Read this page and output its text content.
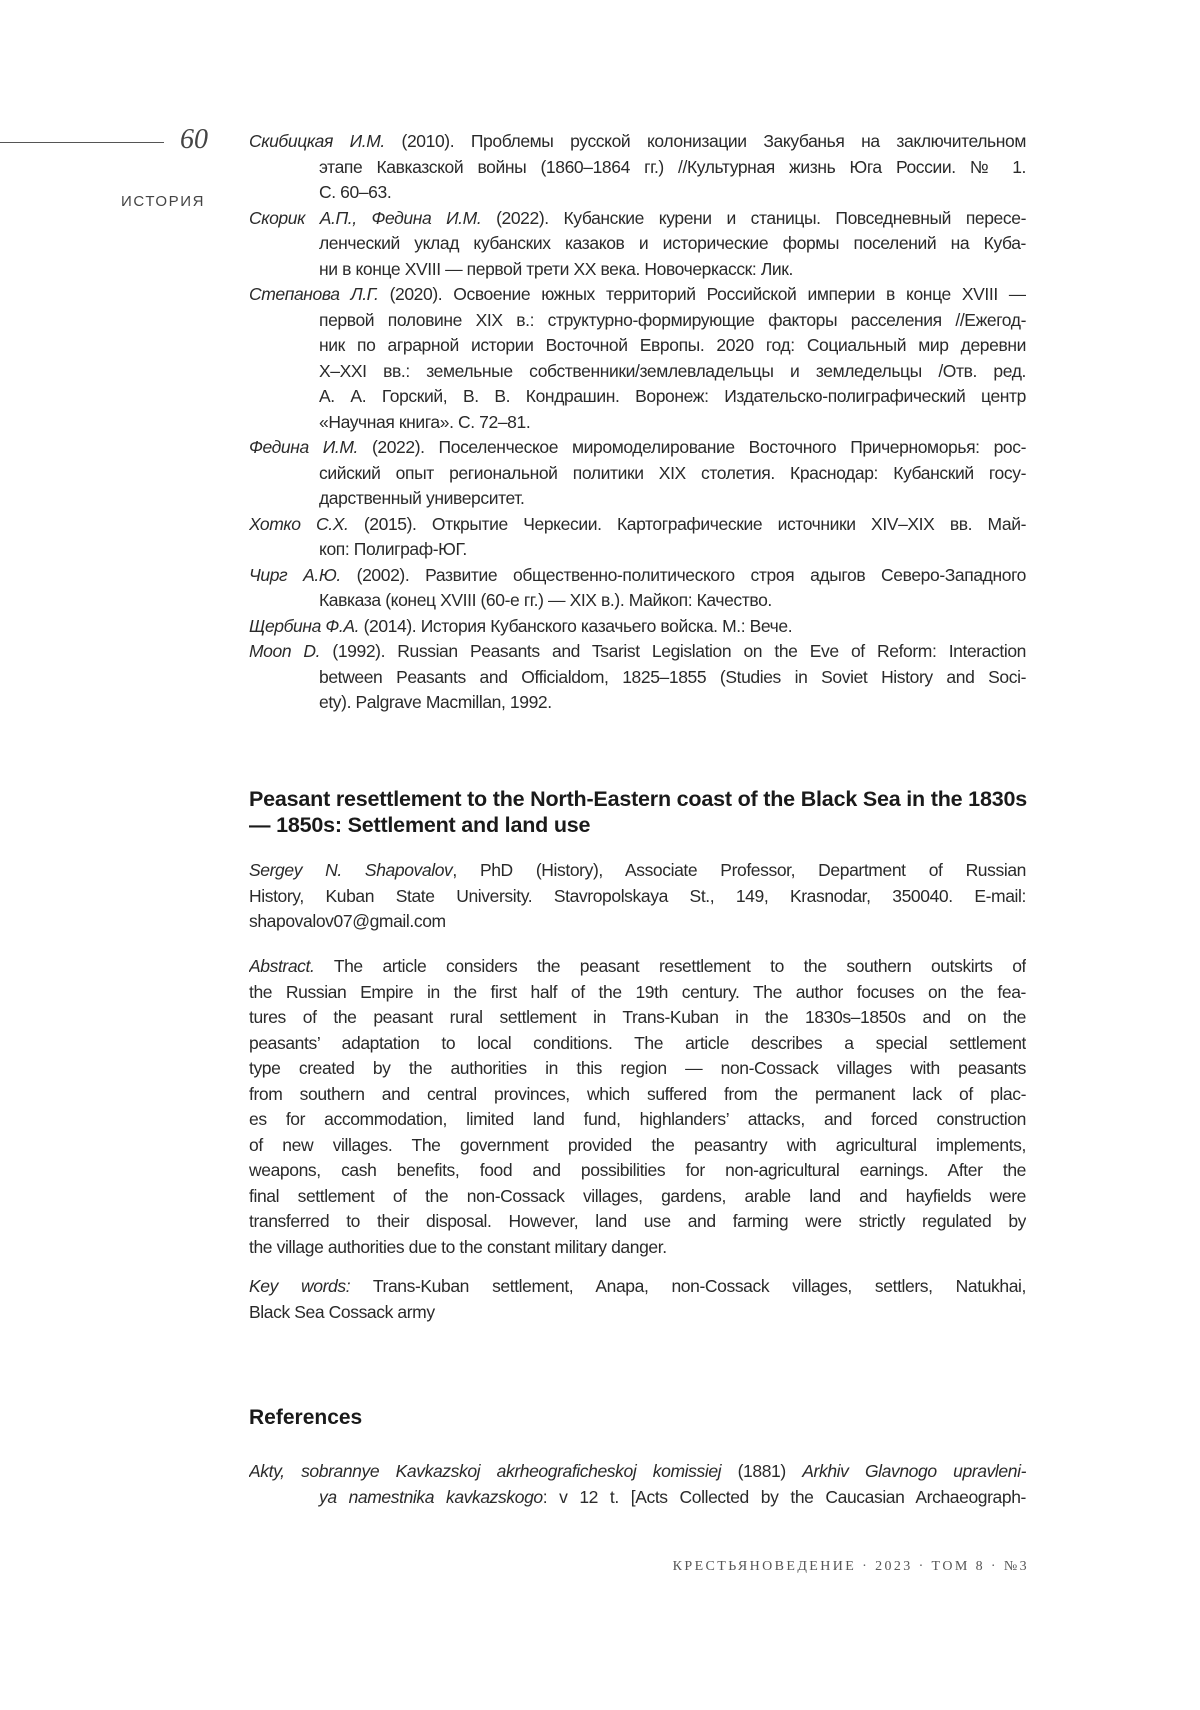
60
ИСТОРИЯ
Скибицкая И.М. (2010). Проблемы русской колонизации Закубанья на заключительном
этапе Кавказской войны (1860–1864 гг.) //Культурная жизнь Юга России. № 1.
С. 60–63.
Скорик А.П., Федина И.М. (2022). Кубанские курени и станицы. Повседневный пересе-
ленческий уклад кубанских казаков и исторические формы поселений на Куба-
ни в конце XVIII — первой трети XX века. Новочеркасск: Лик.
Степанова Л.Г. (2020). Освоение южных территорий Российской империи в конце XVIII —
первой половине XIX в.: структурно-формирующие факторы расселения //Ежегод-
ник по аграрной истории Восточной Европы. 2020 год: Социальный мир деревни
X–XXI вв.: земельные собственники/землевладельцы и земледельцы /Отв. ред.
А. А. Горский, В. В. Кондрашин. Воронеж: Издательско-полиграфический центр
«Научная книга». С. 72–81.
Федина И.М. (2022). Поселенческое миромоделирование Восточного Причерноморья: рос-
сийский опыт региональной политики XIX столетия. Краснодар: Кубанский госу-
дарственный университет.
Хотко С.Х. (2015). Открытие Черкесии. Картографические источники XIV–XIX вв. Май-
коп: Полиграф-ЮГ.
Чирг А.Ю. (2002). Развитие общественно-политического строя адыгов Северо-Западного
Кавказа (конец XVIII (60-е гг.) — XIX в.). Майкоп: Качество.
Щербина Ф.А. (2014). История Кубанского казачьего войска. М.: Вече.
Moon D. (1992). Russian Peasants and Tsarist Legislation on the Eve of Reform: Interaction
between Peasants and Officialdom, 1825–1855 (Studies in Soviet History and Soci-
ety). Palgrave Macmillan, 1992.
Peasant resettlement to the North-Eastern coast of the Black Sea in the 1830s — 1850s: Settlement and land use
Sergey N. Shapovalov, PhD (History), Associate Professor, Department of Russian
History, Kuban State University. Stavropolskaya St., 149, Krasnodar, 350040. E-mail:
shapovalov07@gmail.com
Abstract. The article considers the peasant resettlement to the southern outskirts of
the Russian Empire in the first half of the 19th century. The author focuses on the fea-
tures of the peasant rural settlement in Trans-Kuban in the 1830s–1850s and on the
peasants’ adaptation to local conditions. The article describes a special settlement
type created by the authorities in this region — non-Cossack villages with peasants
from southern and central provinces, which suffered from the permanent lack of plac-
es for accommodation, limited land fund, highlanders’ attacks, and forced construction
of new villages. The government provided the peasantry with agricultural implements,
weapons, cash benefits, food and possibilities for non-agricultural earnings. After the
final settlement of the non-Cossack villages, gardens, arable land and hayfields were
transferred to their disposal. However, land use and farming were strictly regulated by
the village authorities due to the constant military danger.
Key words: Trans-Kuban settlement, Anapa, non-Cossack villages, settlers, Natukhai,
Black Sea Cossack army
References
Akty, sobrannye Kavkazskoj akrheograficheskoj komissiej (1881) Arkhiv Glavnogo upravleni-
ya namestnika kavkazskogo: v 12 t. [Acts Collected by the Caucasian Archaeograph-
КРЕСТЬЯНОВЕДЕНИЕ · 2023 · ТОМ 8 · №3
